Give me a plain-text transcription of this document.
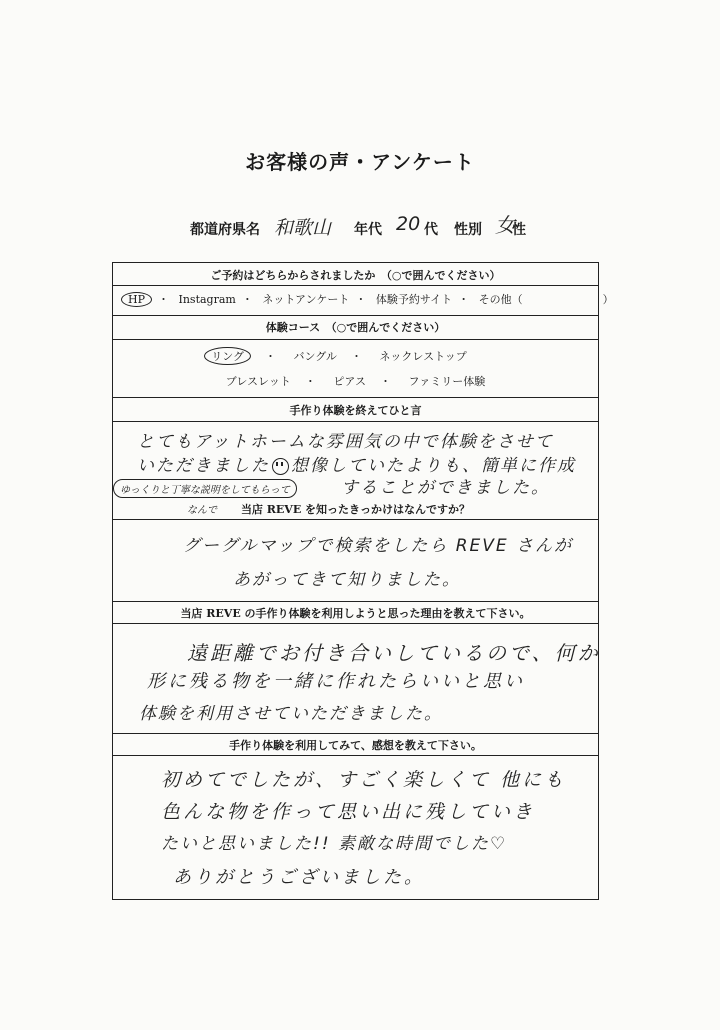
お客様の声・アンケート
都道府県名 和歌山 年代 20 代 性別 女
性
ご予約はどちらからされましたか　（○で囲んでください）
HP ・ Instagram ・ ネットアンケート ・ 体験予約サイト ・ その他（	）
体験コース　（○で囲んでください）
リング ・ バングル ・ ネックレストップ
ブレスレット ・ ピアス ・ ファミリー体験
手作り体験を終えてひと言
とてもアットホームな雰囲気の中で体験をさせて
いただきました 想像していたよりも、簡単に作成
ゆっくりと丁寧な説明をしてもらって	することができました。
なんで	当店 REVE を知ったきっかけはなんですか？
グーグルマップで検索をしたら REVE さんが
あがってきて知りました。
当店 REVE の手作り体験を利用しようと思った理由を教えて下さい。
遠距離でお付き合いしているので、何か
形に残る物を一緒に作れたらいいと思い
体験を利用させていただきました。
手作り体験を利用してみて、感想を教えて下さい。
初めてでしたが、すごく楽しくて 他にも
色んな物を作って思い出に残していき
たいと思いました!! 素敵な時間でした♡
ありがとうございました。
